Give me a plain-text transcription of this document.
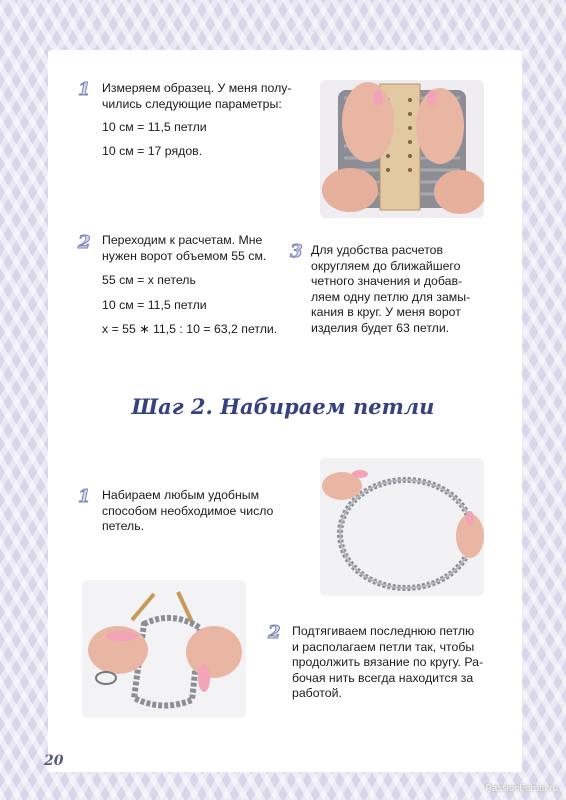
1 Измеряем образец. У меня полу-

чились следующие параметры:

10 см = 11,5 петли

10 см = 17 рядов.

2 Переходим к расчетам. Мне

нужен ворот объемом 55 см.

55 см = х петель

10 см = 11,5 петли

х = 55 ∗ 11,5 : 10 = 63,2 петли.

3 Для удобства расчетов

округляем до ближайшего

четного значения и добав-

ляем одну петлю для замы-

кания в круг. У меня ворот

изделия будет 63 петли.

Шаг 2. Набираем петли
1 Набираем любым удобным

способом необходимое число

петель.

2 Подтягиваем последнюю петлю

и располагаем петли так, чтобы

продолжить вязание по кругу. Ра-

бочая нить всегда находится за

работой.

20
PassionForum.ru
